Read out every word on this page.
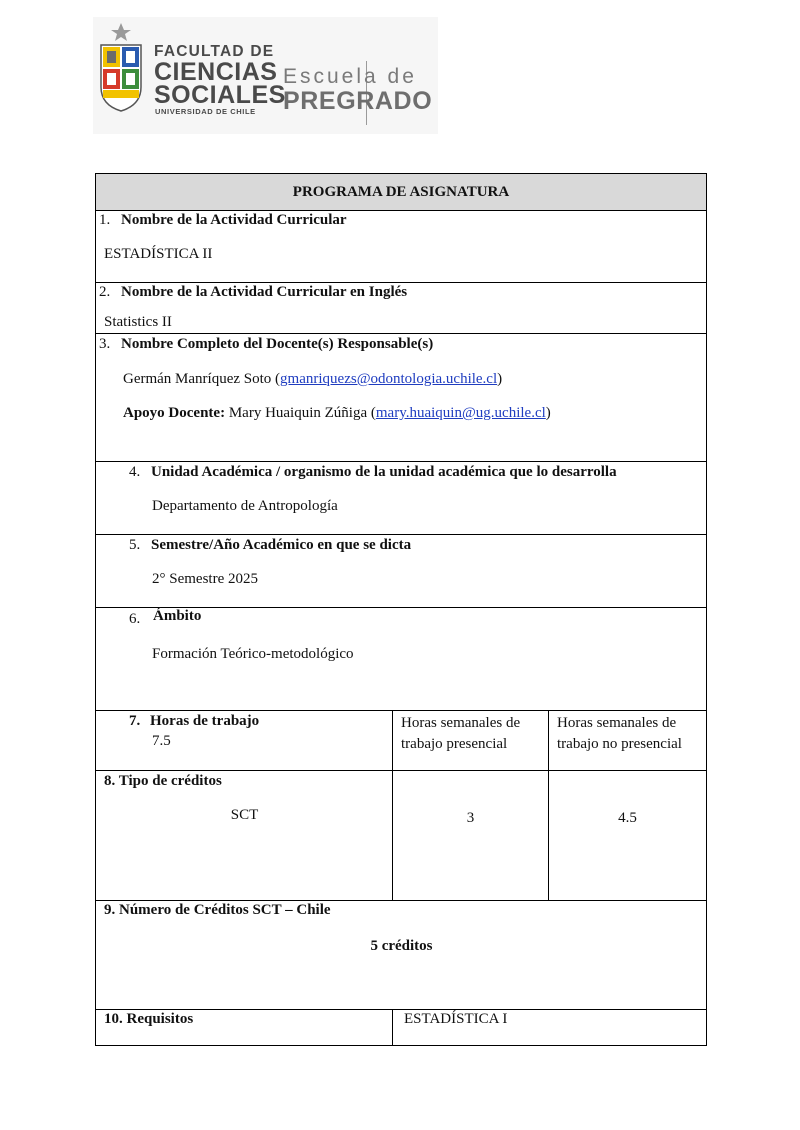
FACULTAD DE
CIENCIAS
SOCIALES
UNIVERSIDAD DE CHILE
Escuela de
PREGRADO
PROGRAMA DE ASIGNATURA		

1. Nombre de la Actividad Curricular
ESTADÍSTICA II		

2. Nombre de la Actividad Curricular en Inglés
Statistics II		

3. Nombre Completo del Docente(s) Responsable(s)
Germán Manríquez Soto (gmanriquezs@odontologia.uchile.cl)
Apoyo Docente: Mary Huaiquin Zúñiga (mary.huaiquin@ug.uchile.cl)		

4. Unidad Académica / organismo de la unidad académica que lo desarrolla
Departamento de Antropología		

5. Semestre/Año Académico en que se dicta
2° Semestre 2025		

6. Ámbito
Formación Teórico-metodológico		

7. Horas de trabajo
7.5	Horas semanales de trabajo presencial	Horas semanales de trabajo no presencial

8. Tipo de créditos
SCT	3	4.5

9. Número de Créditos SCT – Chile
5 créditos		

10. Requisitos	ESTADÍSTICA I	
